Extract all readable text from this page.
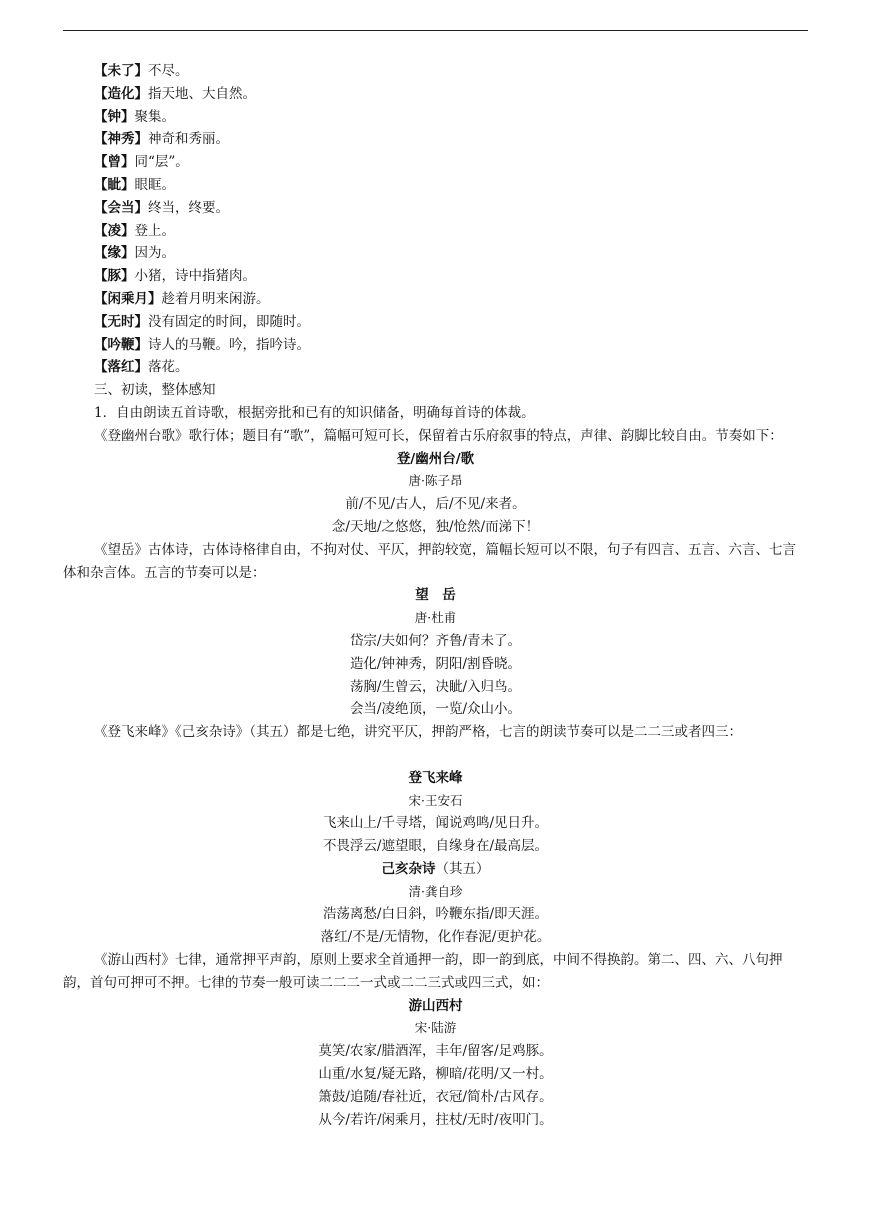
【未了】不尽。
【造化】指天地、大自然。
【钟】聚集。
【神秀】神奇和秀丽。
【曾】同“层”。
【眦】眼眶。
【会当】终当，终要。
【凌】登上。
【缘】因为。
【豚】小猪，诗中指猪肉。
【闲乘月】趁着月明来闲游。
【无时】没有固定的时间，即随时。
【吟鞭】诗人的马鞭。吟，指吟诗。
【落红】落花。
三、初读，整体感知
1．自由朗读五首诗歌，根据旁批和已有的知识储备，明确每首诗的体裁。

《登幽州台歌》歌行体；题目有“歌”，篇幅可短可长，保留着古乐府叙事的特点，声律、韵脚比较自由。节奏如下：

登/幽州台/歌
唐·陈子昂
前/不见/古人，后/不见/来者。
念/天地/之悠悠，独/怆然/而涕下！

《望岳》古体诗，古体诗格律自由，不拘对仗、平仄，押韵较宽，篇幅长短可以不限，句子有四言、五言、六言、七言体和杂言体。五言的节奏可以是：

望　岳
唐·杜甫
岱宗/夫如何？齐鲁/青未了。
造化/钟神秀，阴阳/割昏晓。
荡胸/生曾云，决眦/入归鸟。
会当/凌绝顶，一览/众山小。

《登飞来峰》《己亥杂诗》（其五）都是七绝，讲究平仄，押韵严格，七言的朗读节奏可以是二二三或者四三：

登飞来峰
宋·王安石
飞来山上/千寻塔，闻说鸡鸣/见日升。
不畏浮云/遮望眼，自缘身在/最高层。
己亥杂诗（其五）
清·龚自珍
浩荡离愁/白日斜，吟鞭东指/即天涯。
落红/不是/无情物，化作春泥/更护花。

《游山西村》七律，通常押平声韵，原则上要求全首通押一韵，即一韵到底，中间不得换韵。第二、四、六、八句押韵，首句可押可不押。七律的节奏一般可读二二二一式或二二三式或四三式，如：

游山西村
宋·陆游
莫笑/农家/腊酒浑，丰年/留客/足鸡豚。
山重/水复/疑无路，柳暗/花明/又一村。
箫鼓/追随/春社近，衣冠/简朴/古风存。
从今/若许/闲乘月，拄杖/无时/夜叩门。
